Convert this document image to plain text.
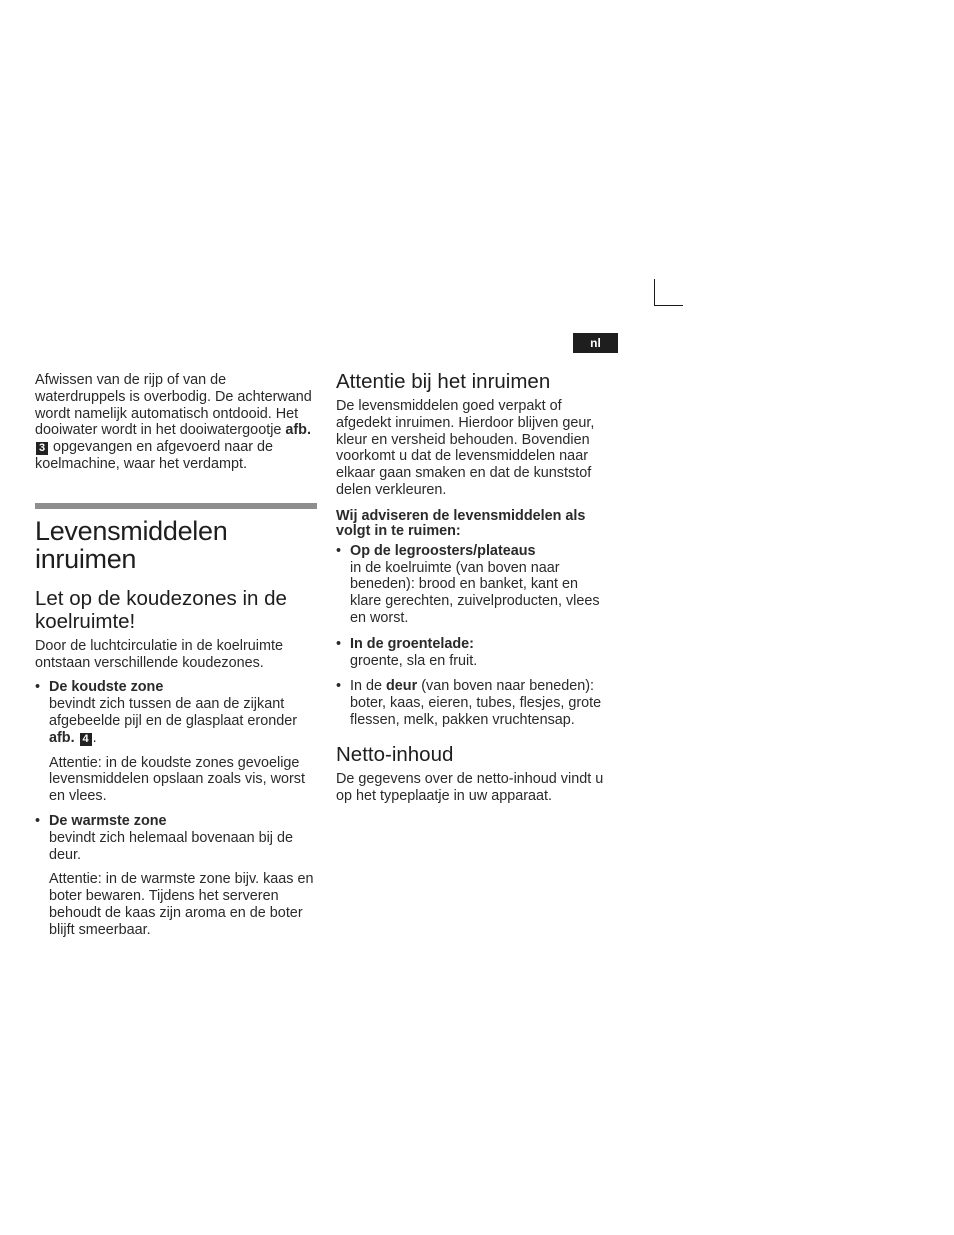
nl

Afwissen van de rijp of van de waterdruppels is overbodig. De achterwand wordt namelijk automatisch ontdooid. Het dooiwater wordt in het dooiwatergootje afb. 3 opgevangen en afgevoerd naar de koelmachine, waar het verdampt.

Levensmiddelen inruimen
Let op de koudezones in de koelruimte!

Door de luchtcirculatie in de koelruimte ontstaan verschillende koudezones.

• De koudste zone
bevindt zich tussen de aan de zijkant afgebeelde pijl en de glasplaat eronder afb. 4 .

Attentie: in de koudste zones gevoelige levensmiddelen opslaan zoals vis, worst en vlees.

• De warmste zone
bevindt zich helemaal bovenaan bij de deur.

Attentie: in de warmste zone bijv. kaas en boter bewaren. Tijdens het serveren behoudt de kaas zijn aroma en de boter blijft smeerbaar.

Attentie bij het inruimen

De levensmiddelen goed verpakt of afgedekt inruimen. Hierdoor blijven geur, kleur en versheid behouden. Bovendien voorkomt u dat de levensmiddelen naar elkaar gaan smaken en dat de kunststof delen verkleuren.

Wij adviseren de levensmiddelen als volgt in te ruimen:

• Op de legroosters/plateaus
in de koelruimte (van boven naar beneden): brood en banket, kant en klare gerechten, zuivelproducten, vlees en worst.

• In de groentelade:
groente, sla en fruit.

• In de deur (van boven naar beneden): boter, kaas, eieren, tubes, flesjes, grote flessen, melk, pakken vruchtensap.

Netto-inhoud

De gegevens over de netto-inhoud vindt u op het typeplaatje in uw apparaat.
